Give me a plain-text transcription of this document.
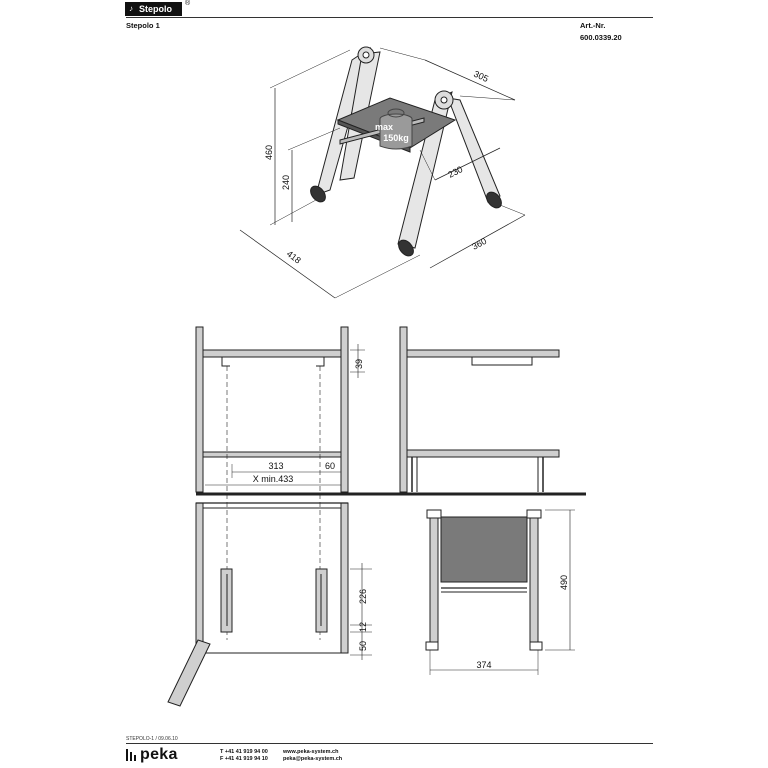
Stepolo
♪
®
Stepolo 1	Art.-Nr.
600.0339.20
max
150kg
460
240
305
230
360
418
39
313	60
X min.433
226
12
50
490
374
STEPOLO-1 / 09.06.10
peka	T +41 41 919 94 00
F +41 41 919 94 10
www.peka-system.ch
peka@peka-system.ch
